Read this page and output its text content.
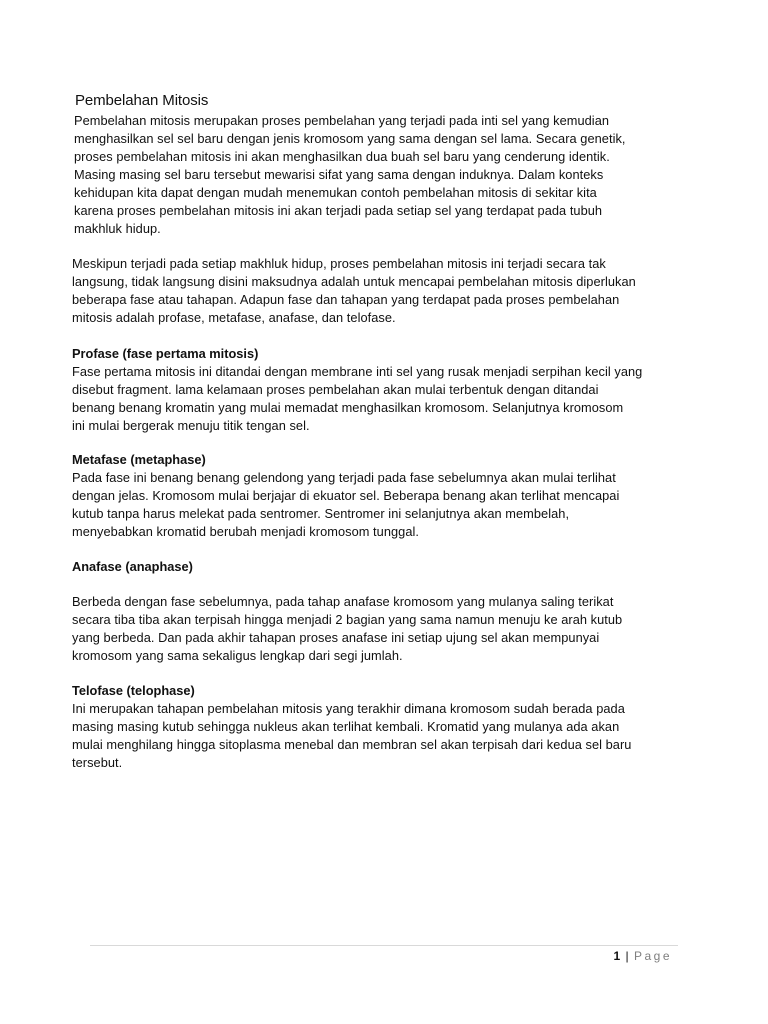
Pembelahan Mitosis

Pembelahan mitosis merupakan proses pembelahan yang terjadi pada inti sel yang kemudian
menghasilkan sel sel baru dengan jenis kromosom yang sama dengan sel lama. Secara genetik,
proses pembelahan mitosis ini akan menghasilkan dua buah sel baru yang cenderung identik.
Masing masing sel baru tersebut mewarisi sifat yang sama dengan induknya. Dalam konteks
kehidupan kita dapat dengan mudah menemukan contoh pembelahan mitosis di sekitar kita
karena proses pembelahan mitosis ini akan terjadi pada setiap sel yang terdapat pada tubuh
makhluk hidup.

Meskipun terjadi pada setiap makhluk hidup, proses pembelahan mitosis ini terjadi secara tak
langsung, tidak langsung disini maksudnya adalah untuk mencapai pembelahan mitosis diperlukan
beberapa fase atau tahapan. Adapun fase dan tahapan yang terdapat pada proses pembelahan
mitosis adalah profase, metafase, anafase, dan telofase.

Profase (fase pertama mitosis)

Fase pertama mitosis ini ditandai dengan membrane inti sel yang rusak menjadi serpihan kecil yang
disebut fragment. lama kelamaan proses pembelahan akan mulai terbentuk dengan ditandai
benang benang kromatin yang mulai memadat menghasilkan kromosom. Selanjutnya kromosom
ini mulai bergerak menuju titik tengan sel.

Metafase (metaphase)

Pada fase ini benang benang gelendong yang terjadi pada fase sebelumnya akan mulai terlihat
dengan jelas. Kromosom mulai berjajar di ekuator sel. Beberapa benang akan terlihat mencapai
kutub tanpa harus melekat pada sentromer. Sentromer ini selanjutnya akan membelah,
menyebabkan kromatid berubah menjadi kromosom tunggal.

Anafase (anaphase)

Berbeda dengan fase sebelumnya, pada tahap anafase kromosom yang mulanya saling terikat
secara tiba tiba akan terpisah hingga menjadi 2 bagian yang sama namun menuju ke arah kutub
yang berbeda. Dan pada akhir tahapan proses anafase ini setiap ujung sel akan mempunyai
kromosom yang sama sekaligus lengkap dari segi jumlah.

Telofase (telophase)

Ini merupakan tahapan pembelahan mitosis yang terakhir dimana kromosom sudah berada pada
masing masing kutub sehingga nukleus akan terlihat kembali. Kromatid yang mulanya ada akan
mulai menghilang hingga sitoplasma menebal dan membran sel akan terpisah dari kedua sel baru
tersebut.

1 | Page
